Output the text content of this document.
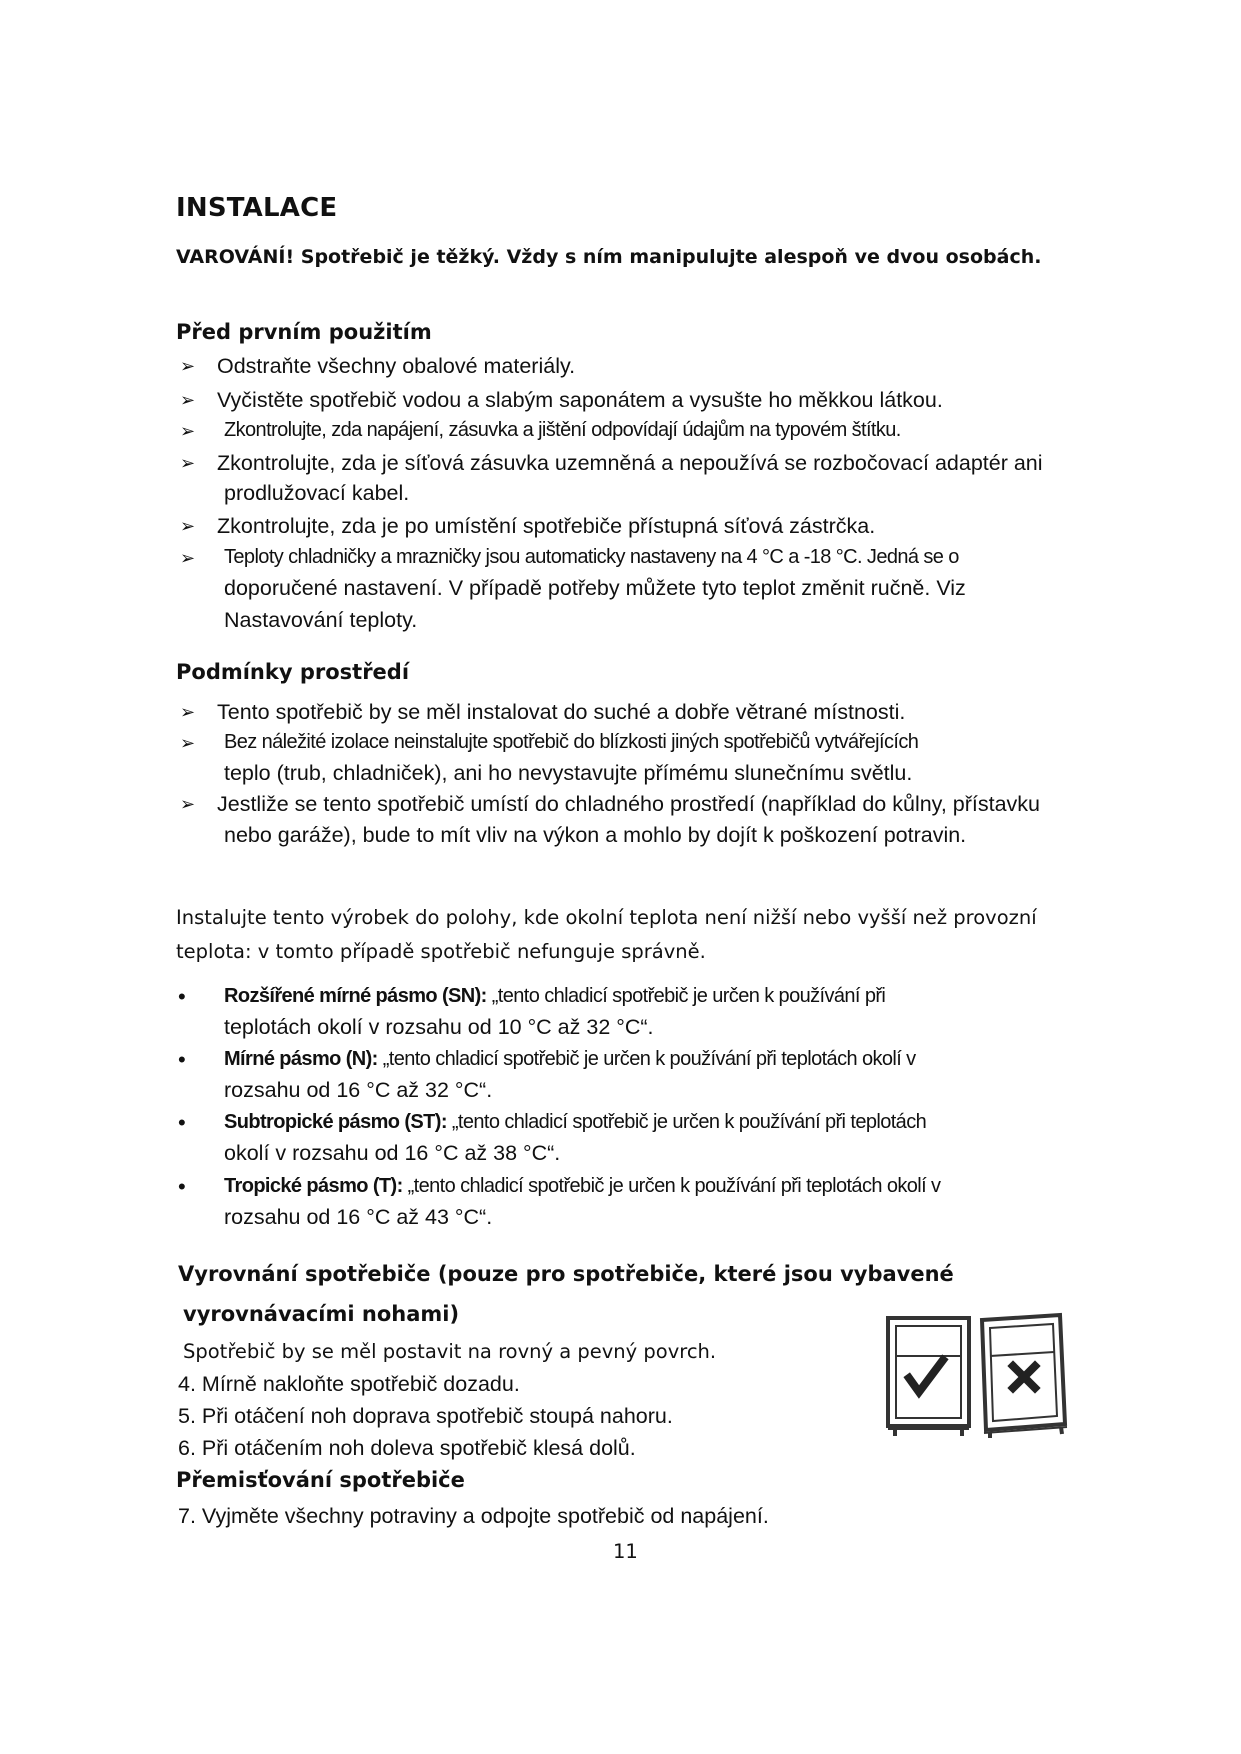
INSTALACE
VAROVÁNÍ! Spotřebič je těžký. Vždy s ním manipulujte alespoň ve dvou osobách.
Před prvním použitím
➢ Odstraňte všechny obalové materiály.
➢ Vyčistěte spotřebič vodou a slabým saponátem a vysušte ho měkkou látkou.
➢ Zkontrolujte, zda napájení, zásuvka a jištění odpovídají údajům na typovém štítku.
➢ Zkontrolujte, zda je síťová zásuvka uzemněná a nepoužívá se rozbočovací adaptér ani
prodlužovací kabel.
➢ Zkontrolujte, zda je po umístění spotřebiče přístupná síťová zástrčka.
➢ Teploty chladničky a mrazničky jsou automaticky nastaveny na 4 °C a -18 °C. Jedná se o
doporučené nastavení. V případě potřeby můžete tyto teplot změnit ručně. Viz
Nastavování teploty.
Podmínky prostředí
➢ Tento spotřebič by se měl instalovat do suché a dobře větrané místnosti.
➢ Bez náležité izolace neinstalujte spotřebič do blízkosti jiných spotřebičů vytvářejících
teplo (trub, chladniček), ani ho nevystavujte přímému slunečnímu světlu.
➢ Jestliže se tento spotřebič umístí do chladného prostředí (například do kůlny, přístavku
nebo garáže), bude to mít vliv na výkon a mohlo by dojít k poškození potravin.
Instalujte tento výrobek do polohy, kde okolní teplota není nižší nebo vyšší než provozní
teplota: v tomto případě spotřebič nefunguje správně.
• Rozšířené mírné pásmo (SN): „tento chladicí spotřebič je určen k používání při
teplotách okolí v rozsahu od 10 °C až 32 °C“.
• Mírné pásmo (N): „tento chladicí spotřebič je určen k používání při teplotách okolí v
rozsahu od 16 °C až 32 °C“.
• Subtropické pásmo (ST): „tento chladicí spotřebič je určen k používání při teplotách
okolí v rozsahu od 16 °C až 38 °C“.
• Tropické pásmo (T): „tento chladicí spotřebič je určen k používání při teplotách okolí v
rozsahu od 16 °C až 43 °C“.
Vyrovnání spotřebiče (pouze pro spotřebiče, které jsou vybavené
vyrovnávacími nohami)
Spotřebič by se měl postavit na rovný a pevný povrch.
4. Mírně nakloňte spotřebič dozadu.
5. Při otáčení noh doprava spotřebič stoupá nahoru.
6. Při otáčením noh doleva spotřebič klesá dolů.
Přemisťování spotřebiče
7. Vyjměte všechny potraviny a odpojte spotřebič od napájení.
11
